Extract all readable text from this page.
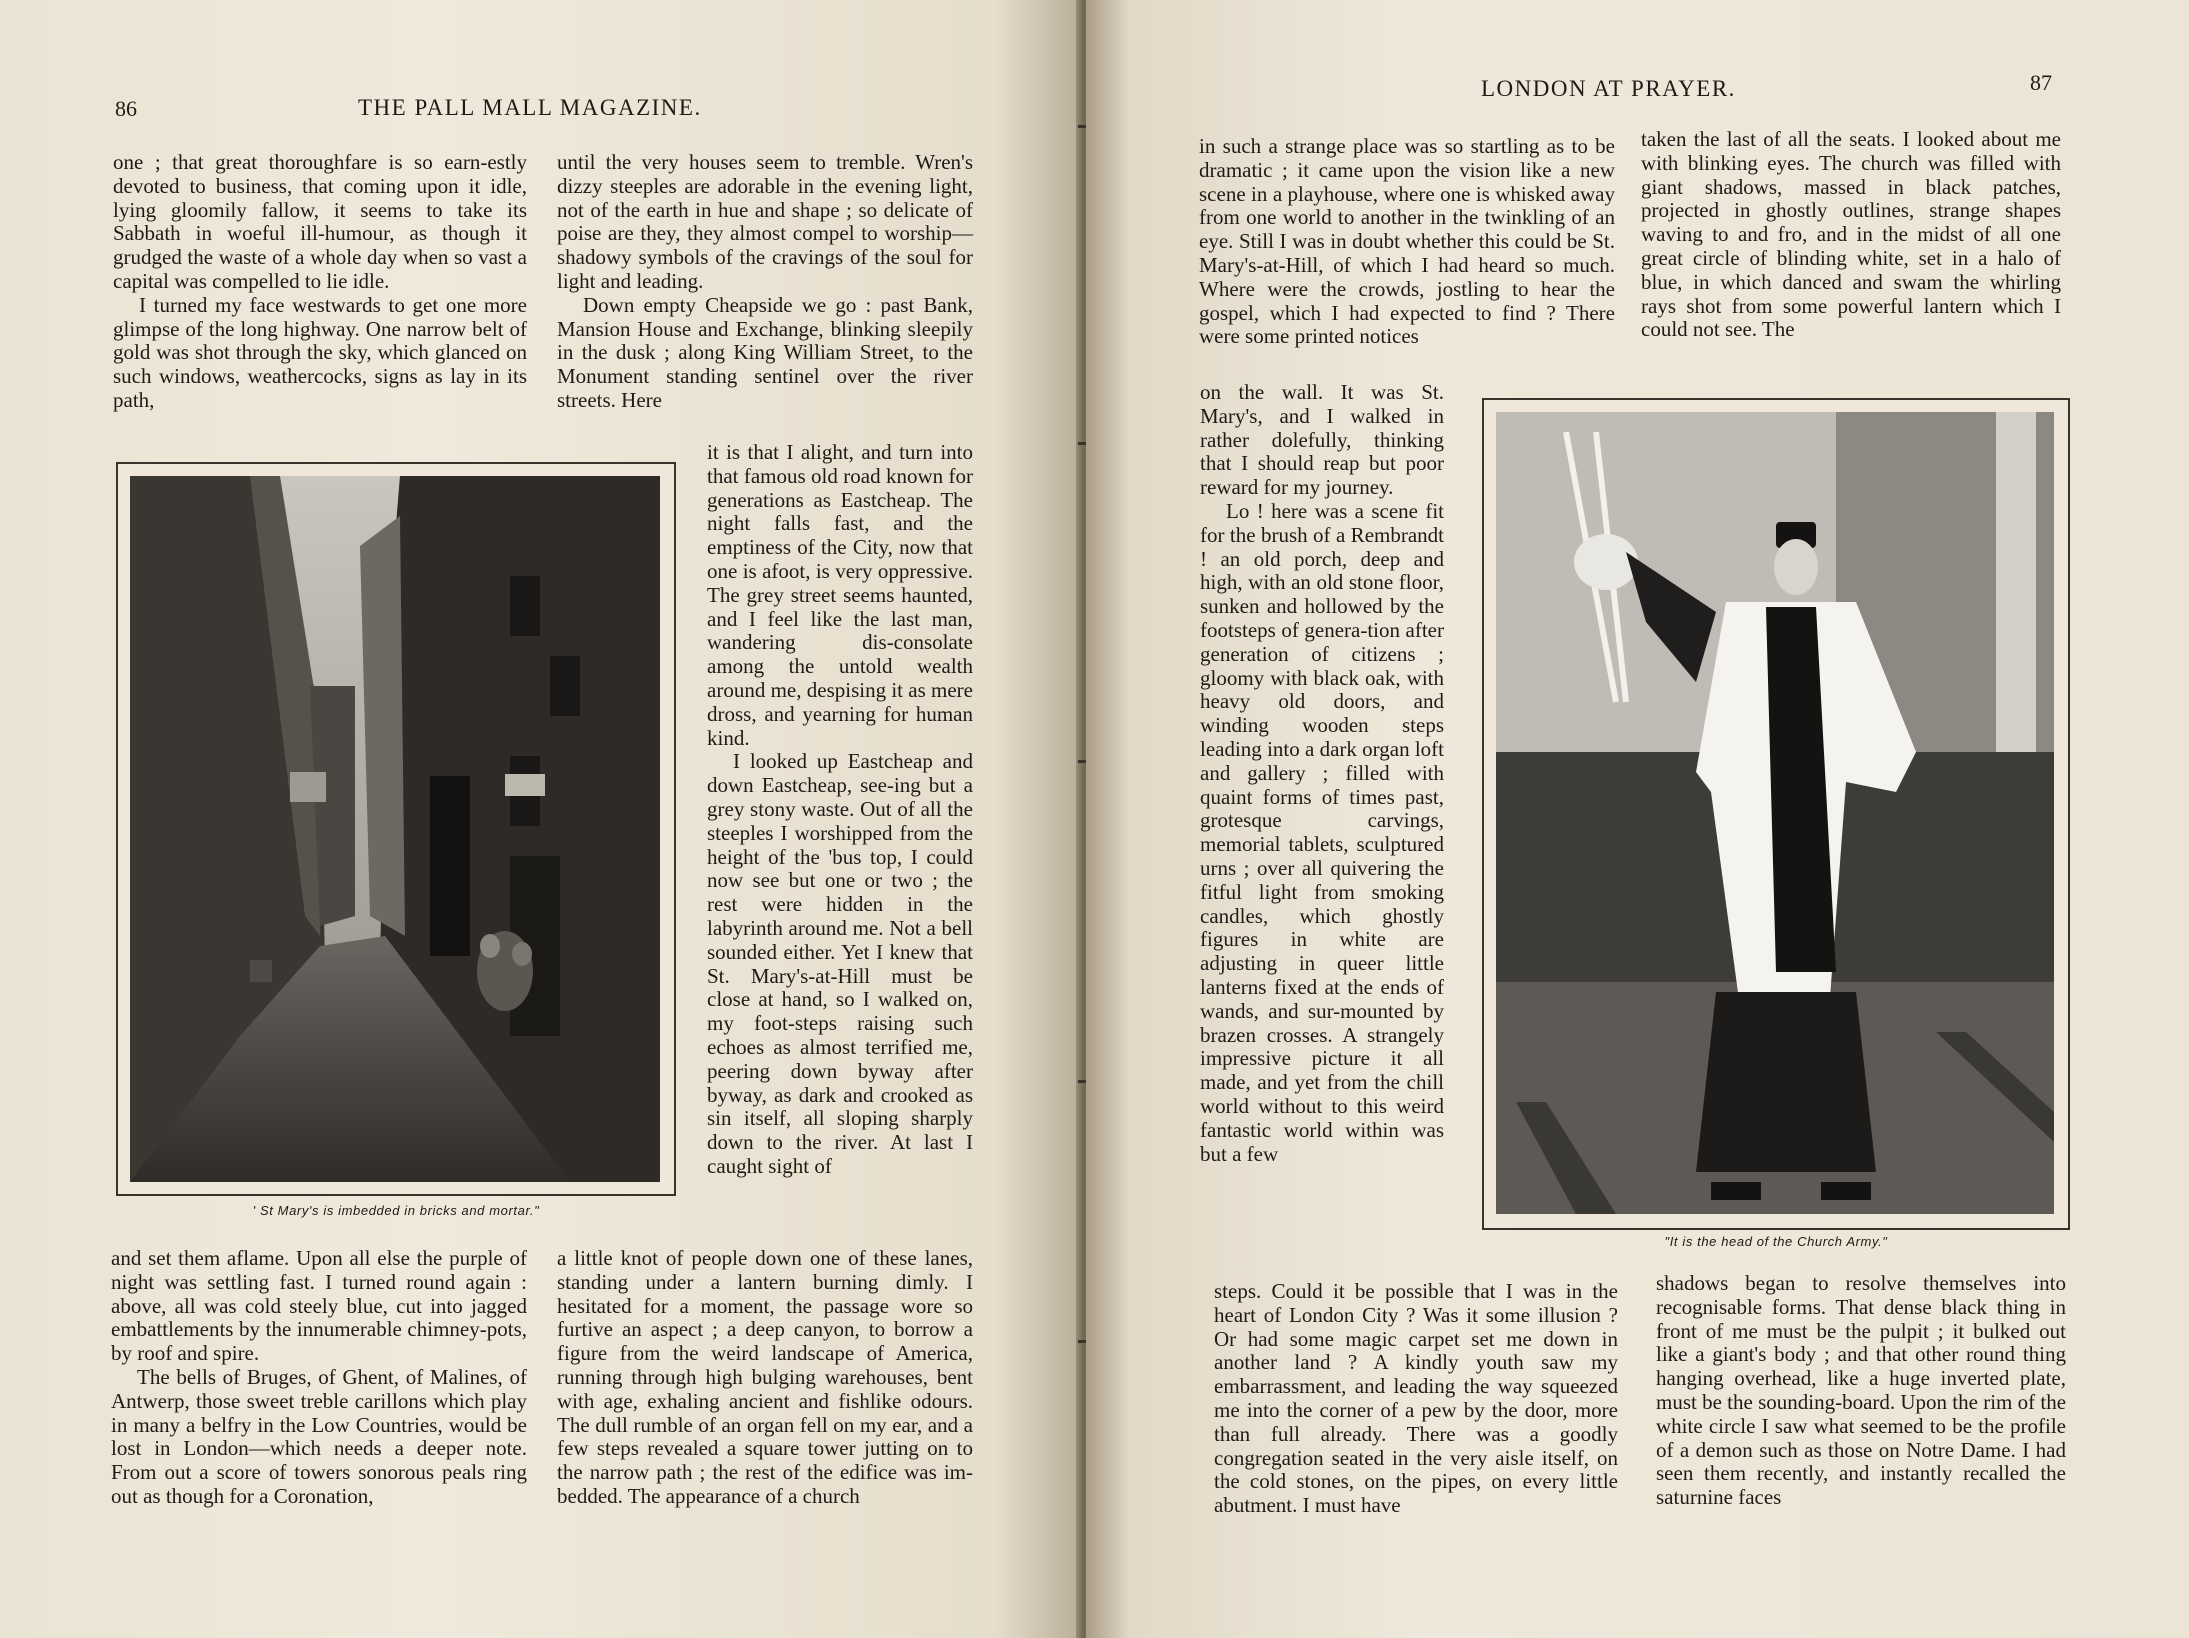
86	THE PALL MALL MAGAZINE.

one ; that great thoroughfare is so earn-estly devoted to business, that coming upon it idle, lying gloomily fallow, it seems to take its Sabbath in woeful ill-humour, as though it grudged the waste of a whole day when so vast a capital was compelled to lie idle.

I turned my face westwards to get one more glimpse of the long highway. One narrow belt of gold was shot through the sky, which glanced on such windows, weathercocks, signs as lay in its path,

until the very houses seem to tremble. Wren's dizzy steeples are adorable in the evening light, not of the earth in hue and shape ; so delicate of poise are they, they almost compel to worship—shadowy symbols of the cravings of the soul for light and leading.

Down empty Cheapside we go : past Bank, Mansion House and Exchange, blinking sleepily in the dusk ; along King William Street, to the Monument standing sentinel over the river streets. Here

it is that I alight, and turn into that famous old road known for generations as Eastcheap. The night falls fast, and the emptiness of the City, now that one is afoot, is very oppressive. The grey street seems haunted, and I feel like the last man, wandering dis-consolate among the untold wealth around me, despising it as mere dross, and yearning for human kind.

I looked up Eastcheap and down Eastcheap, see-ing but a grey stony waste. Out of all the steeples I worshipped from the height of the 'bus top, I could now see but one or two ; the rest were hidden in the labyrinth around me. Not a bell sounded either. Yet I knew that St. Mary's-at-Hill must be close at hand, so I walked on, my foot-steps raising such echoes as almost terrified me, peering down byway after byway, as dark and crooked as sin itself, all sloping sharply down to the river. At last I caught sight of

' St Mary's is imbedded in bricks and mortar."

and set them aflame. Upon all else the purple of night was settling fast. I turned round again : above, all was cold steely blue, cut into jagged embattlements by the innumerable chimney-pots, by roof and spire.

The bells of Bruges, of Ghent, of Malines, of Antwerp, those sweet treble carillons which play in many a belfry in the Low Countries, would be lost in London—which needs a deeper note. From out a score of towers sonorous peals ring out as though for a Coronation,

a little knot of people down one of these lanes, standing under a lantern burning dimly. I hesitated for a moment, the passage wore so furtive an aspect ; a deep canyon, to borrow a figure from the weird landscape of America, running through high bulging warehouses, bent with age, exhaling ancient and fishlike odours. The dull rumble of an organ fell on my ear, and a few steps revealed a square tower jutting on to the narrow path ; the rest of the edifice was im-bedded. The appearance of a church

LONDON AT PRAYER.	87

in such a strange place was so startling as to be dramatic ; it came upon the vision like a new scene in a playhouse, where one is whisked away from one world to another in the twinkling of an eye. Still I was in doubt whether this could be St. Mary's-at-Hill, of which I had heard so much. Where were the crowds, jostling to hear the gospel, which I had expected to find ? There were some printed notices

taken the last of all the seats. I looked about me with blinking eyes. The church was filled with giant shadows, massed in black patches, projected in ghostly outlines, strange shapes waving to and fro, and in the midst of all one great circle of blinding white, set in a halo of blue, in which danced and swam the whirling rays shot from some powerful lantern which I could not see. The

on the wall. It was St. Mary's, and I walked in rather dolefully, thinking that I should reap but poor reward for my journey.

Lo ! here was a scene fit for the brush of a Rembrandt ! an old porch, deep and high, with an old stone floor, sunken and hollowed by the footsteps of genera-tion after generation of citizens ; gloomy with black oak, with heavy old doors, and winding wooden steps leading into a dark organ loft and gallery ; filled with quaint forms of times past, grotesque carvings, memorial tablets, sculptured urns ; over all quivering the fitful light from smoking candles, which ghostly figures in white are adjusting in queer little lanterns fixed at the ends of wands, and sur-mounted by brazen crosses. A strangely impressive picture it all made, and yet from the chill world without to this weird fantastic world within was but a few

"It is the head of the Church Army."

steps. Could it be possible that I was in the heart of London City ? Was it some illusion ? Or had some magic carpet set me down in another land ? A kindly youth saw my embarrassment, and leading the way squeezed me into the corner of a pew by the door, more than full already. There was a goodly congregation seated in the very aisle itself, on the cold stones, on the pipes, on every little abutment. I must have

shadows began to resolve themselves into recognisable forms. That dense black thing in front of me must be the pulpit ; it bulked out like a giant's body ; and that other round thing hanging overhead, like a huge inverted plate, must be the sounding-board. Upon the rim of the white circle I saw what seemed to be the profile of a demon such as those on Notre Dame. I had seen them recently, and instantly recalled the saturnine faces
